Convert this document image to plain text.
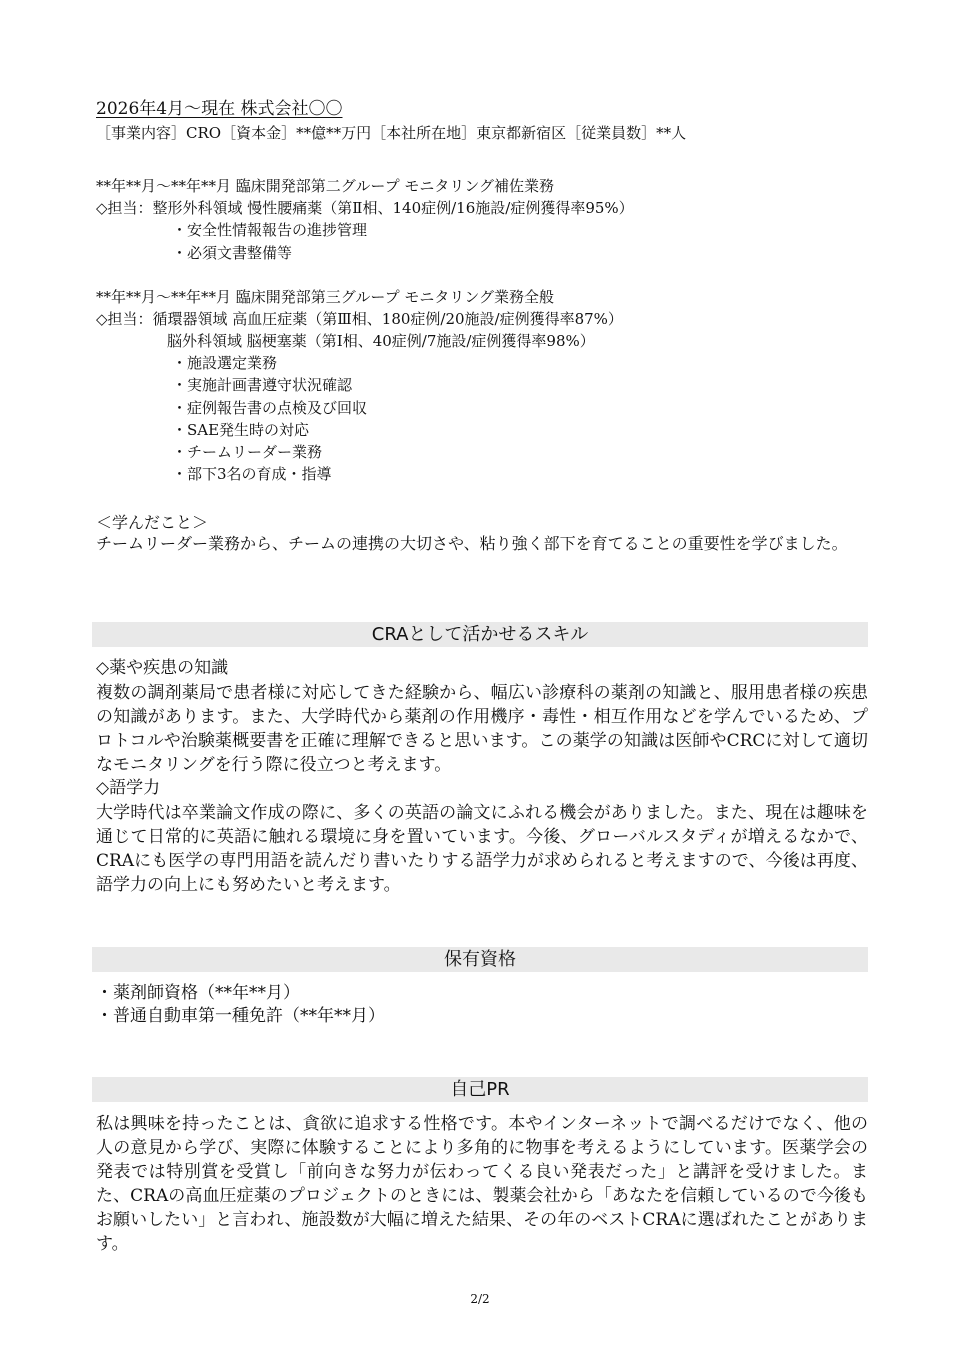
2026年4月～現在 株式会社〇〇
［事業内容］CRO［資本金］**億**万円［本社所在地］東京都新宿区［従業員数］**人
**年**月～**年**月 臨床開発部第二グループ モニタリング補佐業務
◇担当：整形外科領域 慢性腰痛薬（第Ⅱ相、140症例/16施設/症例獲得率95%）
・安全性情報報告の進捗管理
・必須文書整備等
**年**月～**年**月 臨床開発部第三グループ モニタリング業務全般
◇担当：循環器領域 高血圧症薬（第Ⅲ相、180症例/20施設/症例獲得率87%）
脳外科領域 脳梗塞薬（第Ⅰ相、40症例/7施設/症例獲得率98%）
・施設選定業務
・実施計画書遵守状況確認
・症例報告書の点検及び回収
・SAE発生時の対応
・チームリーダー業務
・部下3名の育成・指導
＜学んだこと＞
チームリーダー業務から、チームの連携の大切さや、粘り強く部下を育てることの重要性を学びました。
CRAとして活かせるスキル
◇薬や疾患の知識
複数の調剤薬局で患者様に対応してきた経験から、幅広い診療科の薬剤の知識と、服用患者様の疾患の知識があります。また、大学時代から薬剤の作用機序・毒性・相互作用などを学んでいるため、プロトコルや治験薬概要書を正確に理解できると思います。この薬学の知識は医師やCRCに対して適切なモニタリングを行う際に役立つと考えます。
◇語学力
大学時代は卒業論文作成の際に、多くの英語の論文にふれる機会がありました。また、現在は趣味を通じて日常的に英語に触れる環境に身を置いています。今後、グローバルスタディが増えるなかで、CRAにも医学の専門用語を読んだり書いたりする語学力が求められると考えますので、今後は再度、語学力の向上にも努めたいと考えます。
保有資格
・薬剤師資格（**年**月）
・普通自動車第一種免許（**年**月）
自己PR
私は興味を持ったことは、貪欲に追求する性格です。本やインターネットで調べるだけでなく、他の人の意見から学び、実際に体験することにより多角的に物事を考えるようにしています。医薬学会の発表では特別賞を受賞し「前向きな努力が伝わってくる良い発表だった」と講評を受けました。また、CRAの高血圧症薬のプロジェクトのときには、製薬会社から「あなたを信頼しているので今後もお願いしたい」と言われ、施設数が大幅に増えた結果、その年のベストCRAに選ばれたことがあります。
2/2
